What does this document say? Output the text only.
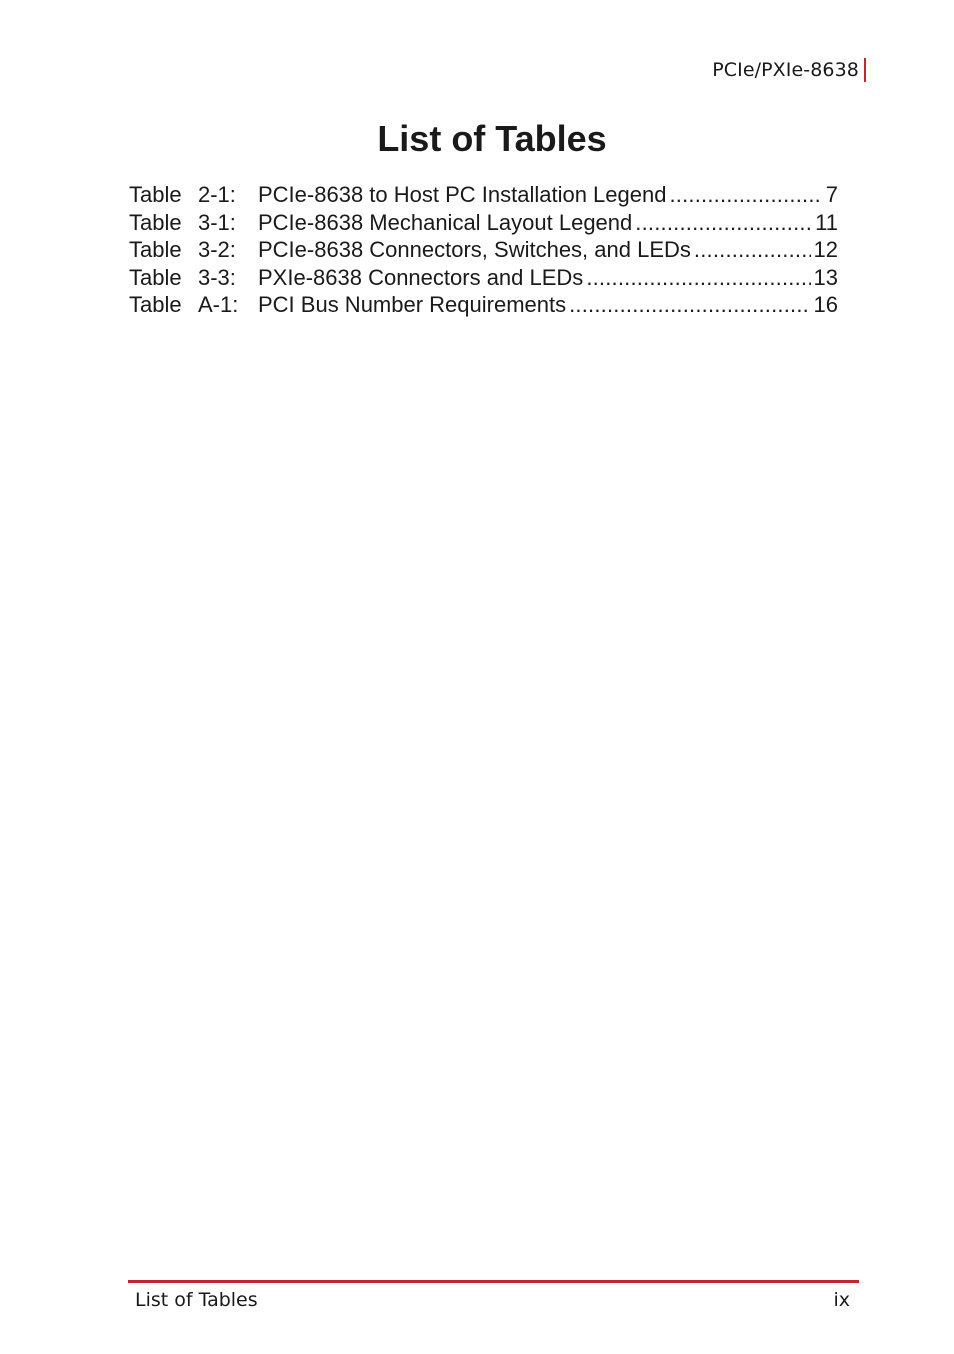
PCIe/PXIe-8638
List of Tables
Table 2-1:	PCIe-8638 to Host PC Installation Legend .....	7
Table 3-1:	PCIe-8638 Mechanical Layout Legend .....	11
Table 3-2:	PCIe-8638 Connectors, Switches, and LEDs .....	12
Table 3-3:	PXIe-8638 Connectors and LEDs .....	13
Table A-1: PCI Bus Number Requirements .....	16
List of Tables	ix
